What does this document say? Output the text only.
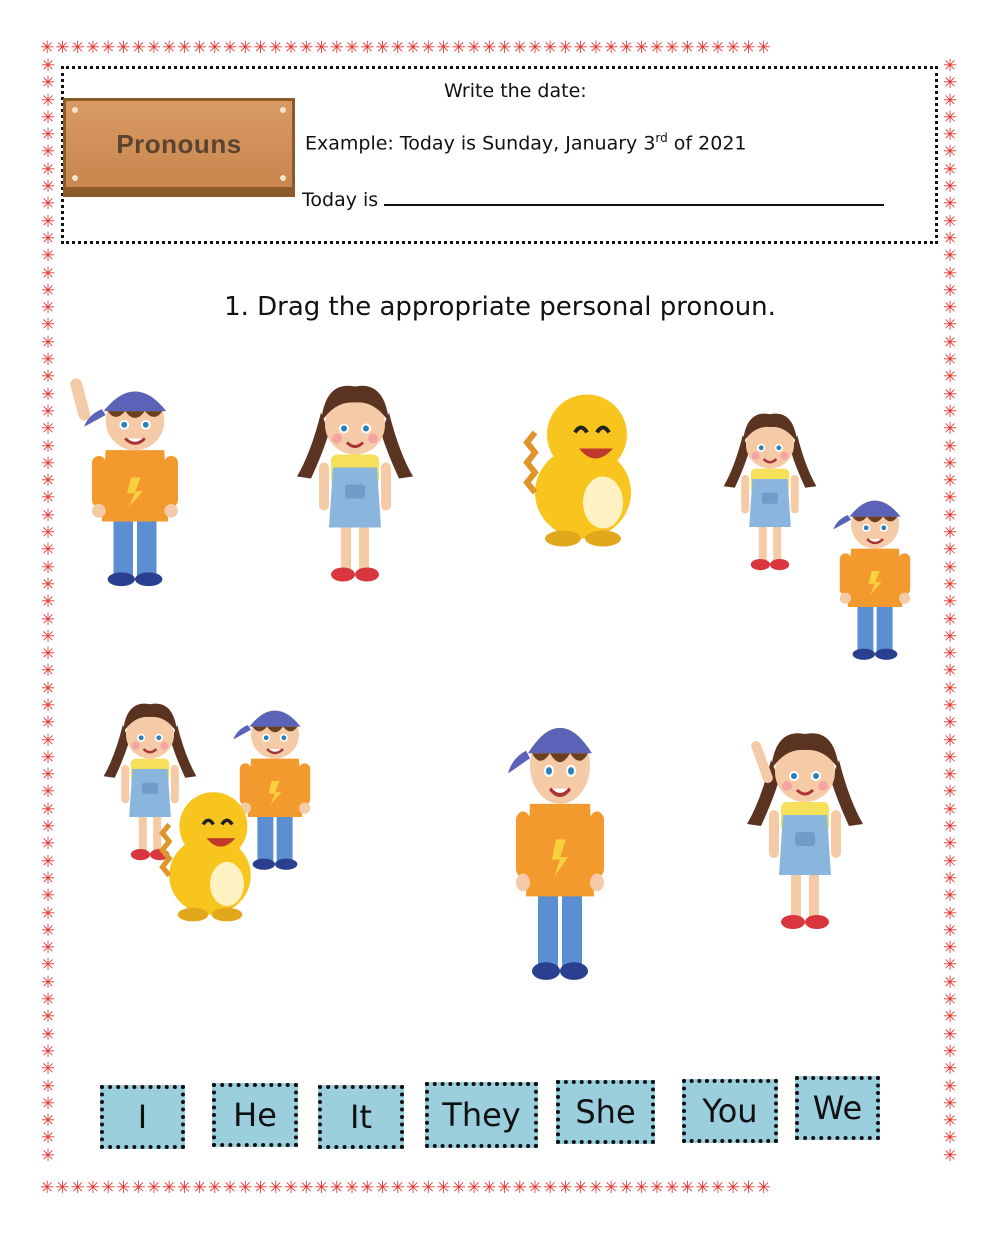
✳✳✳✳✳✳✳✳✳✳✳✳✳✳✳✳✳✳✳✳✳✳✳✳✳✳✳✳✳✳✳✳✳✳✳✳✳✳✳✳✳✳✳✳✳✳✳✳
✳✳✳✳✳✳✳✳✳✳✳✳✳✳✳✳✳✳✳✳✳✳✳✳✳✳✳✳✳✳✳✳✳✳✳✳✳✳✳✳✳✳✳✳✳✳✳✳
✳
✳
✳
✳
✳
✳
✳
✳
✳
✳
✳
✳
✳
✳
✳
✳
✳
✳
✳
✳
✳
✳
✳
✳
✳
✳
✳
✳
✳
✳
✳
✳
✳
✳
✳
✳
✳
✳
✳
✳
✳
✳
✳
✳
✳
✳
✳
✳
✳
✳
✳
✳
✳
✳
✳
✳
✳
✳
✳
✳
✳
✳
✳
✳
✳
✳
✳
✳
✳
✳
✳
✳
✳
✳
✳
✳
✳
✳
✳
✳
✳
✳
✳
✳
✳
✳
✳
✳
✳
✳
✳
✳
✳
✳
✳
✳
✳
✳
✳
✳
✳
✳
✳
✳
✳
✳
✳
✳
✳
✳
✳
✳
✳
✳
✳
✳
✳
✳
✳
✳
✳
✳
✳
✳
✳
✳
✳
✳
Pronouns
Write the date:
Example: Today is Sunday, January 3rd of 2021
Today is
1. Drag the appropriate personal pronoun.
I	He	It	They	She	You	We
